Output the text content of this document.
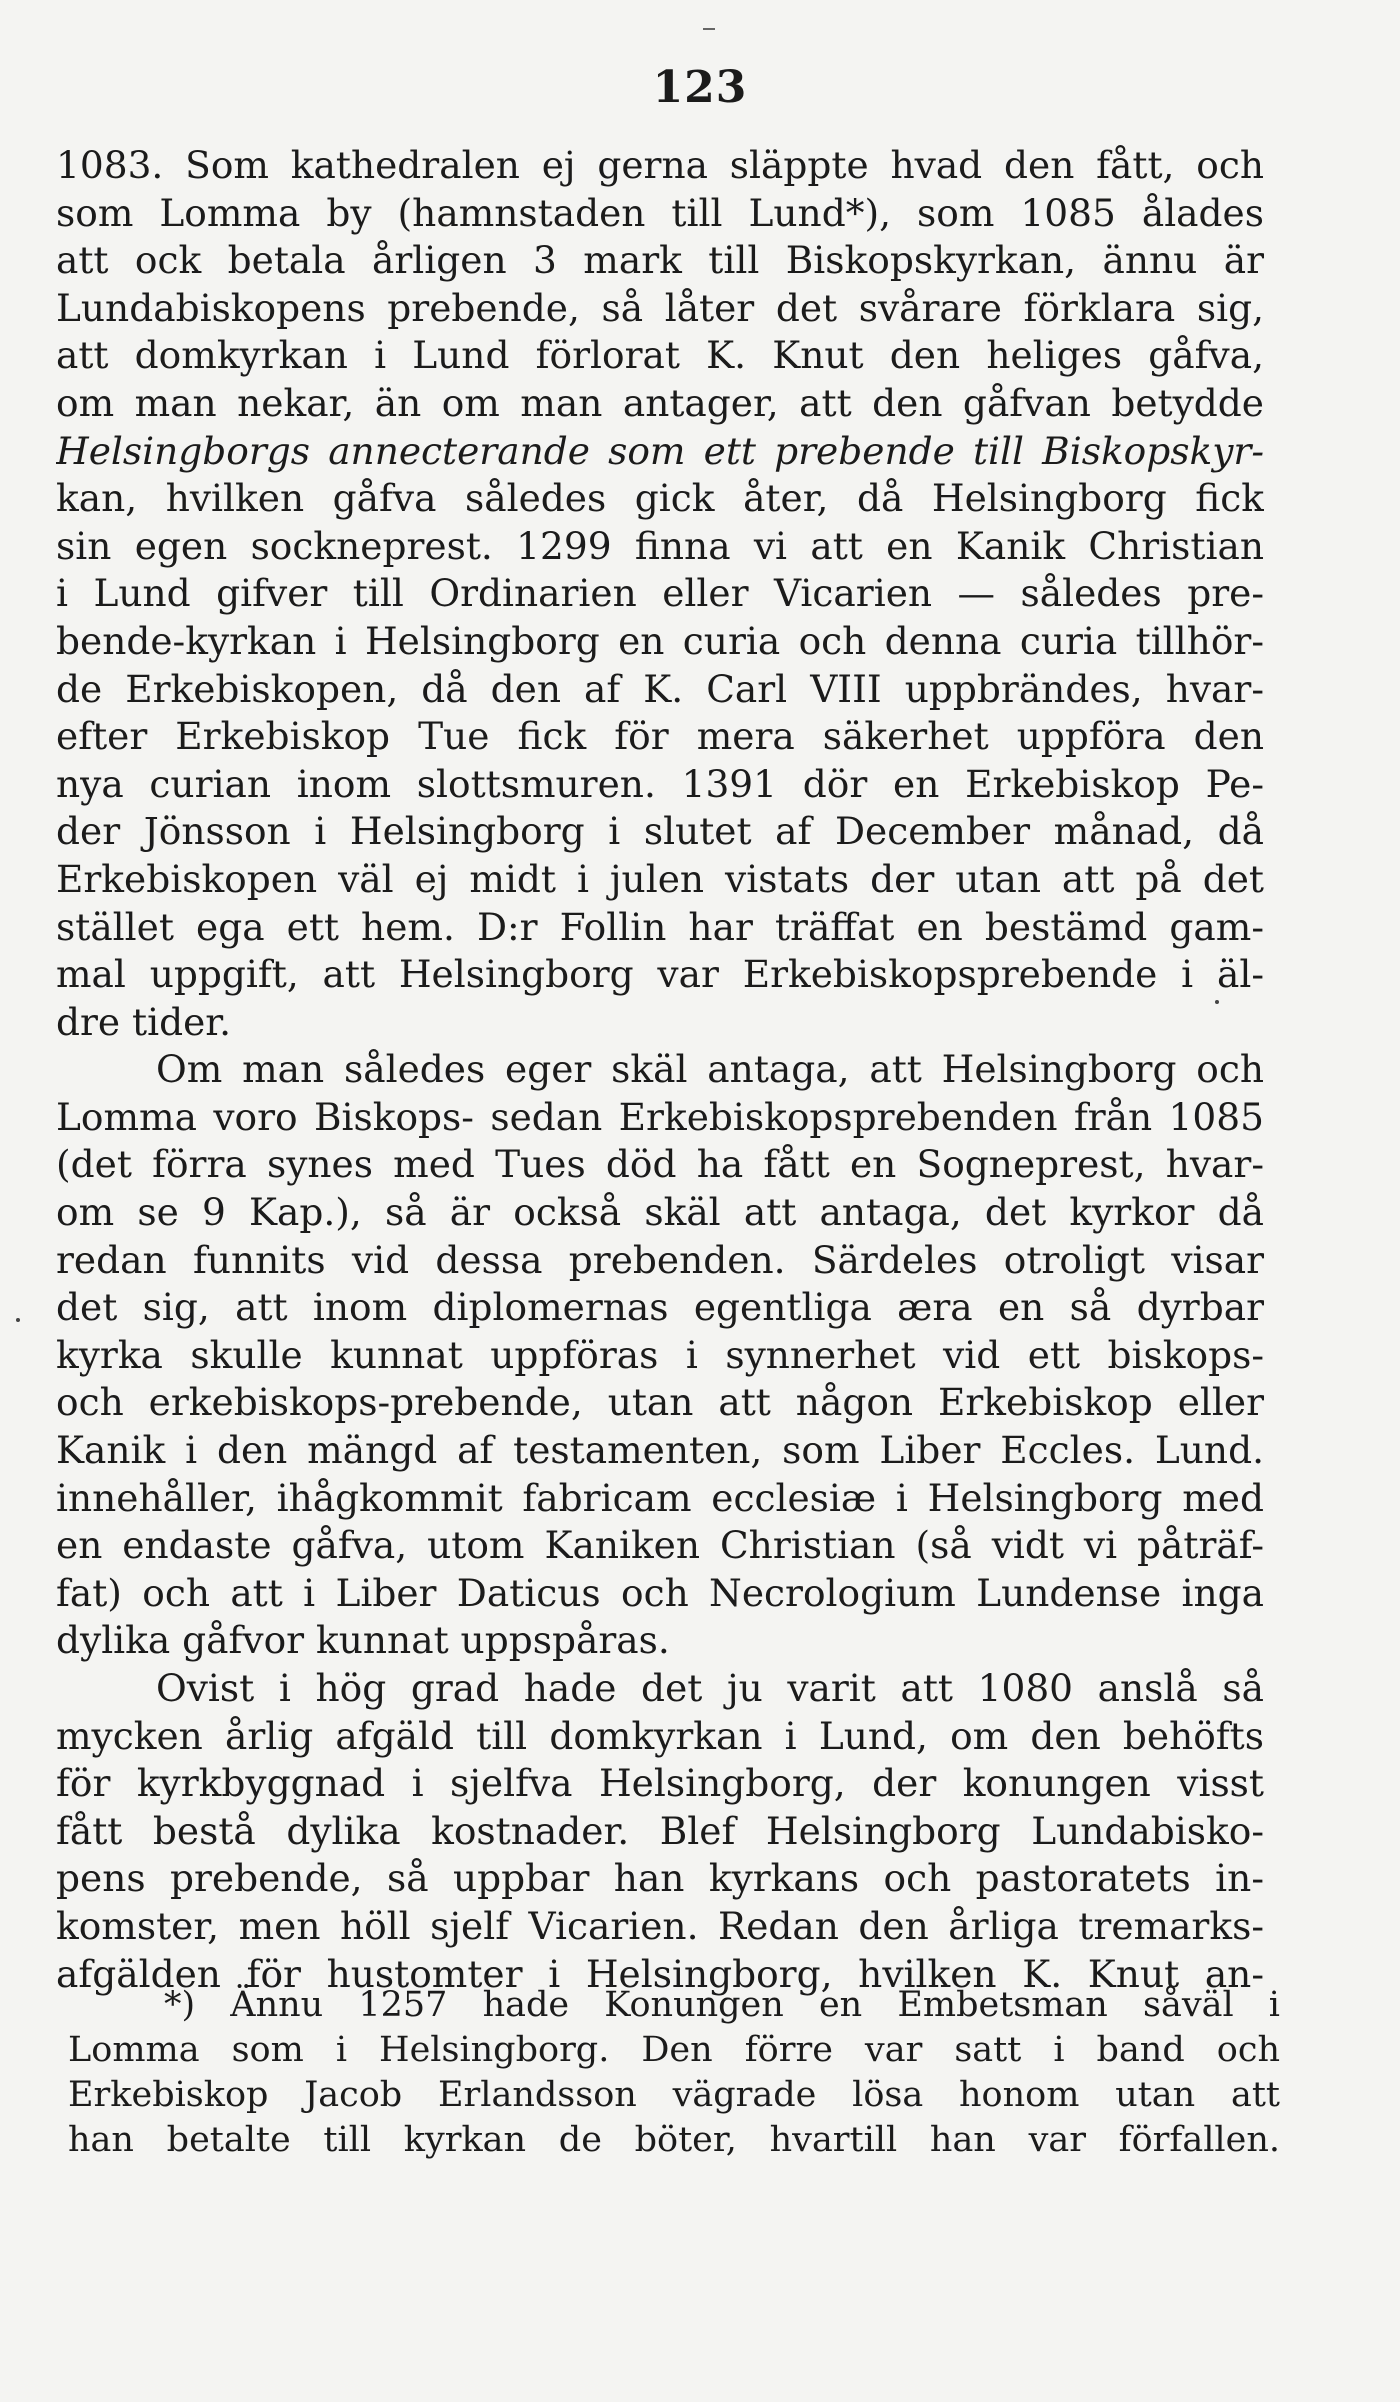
123
1083. Som kathedralen ej gerna släppte hvad den fått, och
som Lomma by (hamnstaden till Lund*), som 1085 ålades
att ock betala årligen 3 mark till Biskopskyrkan, ännu är
Lundabiskopens prebende, så låter det svårare förklara sig,
att domkyrkan i Lund förlorat K. Knut den heliges gåfva,
om man nekar, än om man antager, att den gåfvan betydde
Helsingborgs annecterande som ett prebende till Biskopskyr-
kan, hvilken gåfva således gick åter, då Helsingborg fick
sin egen sockneprest. 1299 finna vi att en Kanik Christian
i Lund gifver till Ordinarien eller Vicarien — således pre-
bende-kyrkan i Helsingborg en curia och denna curia tillhör-
de Erkebiskopen, då den af K. Carl VIII uppbrändes, hvar-
efter Erkebiskop Tue fick för mera säkerhet uppföra den
nya curian inom slottsmuren. 1391 dör en Erkebiskop Pe-
der Jönsson i Helsingborg i slutet af December månad, då
Erkebiskopen väl ej midt i julen vistats der utan att på det
stället ega ett hem. D:r Follin har träffat en bestämd gam-
mal uppgift, att Helsingborg var Erkebiskopsprebende i äl-
dre tider.
Om man således eger skäl antaga, att Helsingborg och
Lomma voro Biskops- sedan Erkebiskopsprebenden från 1085
(det förra synes med Tues död ha fått en Sogneprest, hvar-
om se 9 Kap.), så är också skäl att antaga, det kyrkor då
redan funnits vid dessa prebenden. Särdeles otroligt visar
det sig, att inom diplomernas egentliga æra en så dyrbar
kyrka skulle kunnat uppföras i synnerhet vid ett biskops-
och erkebiskops-prebende, utan att någon Erkebiskop eller
Kanik i den mängd af testamenten, som Liber Eccles. Lund.
innehåller, ihågkommit fabricam ecclesiæ i Helsingborg med
en endaste gåfva, utom Kaniken Christian (så vidt vi påträf-
fat) och att i Liber Daticus och Necrologium Lundense inga
dylika gåfvor kunnat uppspåras.
Ovist i hög grad hade det ju varit att 1080 anslå så
mycken årlig afgäld till domkyrkan i Lund, om den behöfts
för kyrkbyggnad i sjelfva Helsingborg, der konungen visst
fått bestå dylika kostnader. Blef Helsingborg Lundabisko-
pens prebende, så uppbar han kyrkans och pastoratets in-
komster, men höll sjelf Vicarien. Redan den årliga tremarks-
afgälden för hustomter i Helsingborg, hvilken K. Knut an-
*) Ännu 1257 hade Konungen en Embetsman såväl i
Lomma som i Helsingborg. Den förre var satt i band och
Erkebiskop Jacob Erlandsson vägrade lösa honom utan att
han betalte till kyrkan de böter, hvartill han var förfallen.
